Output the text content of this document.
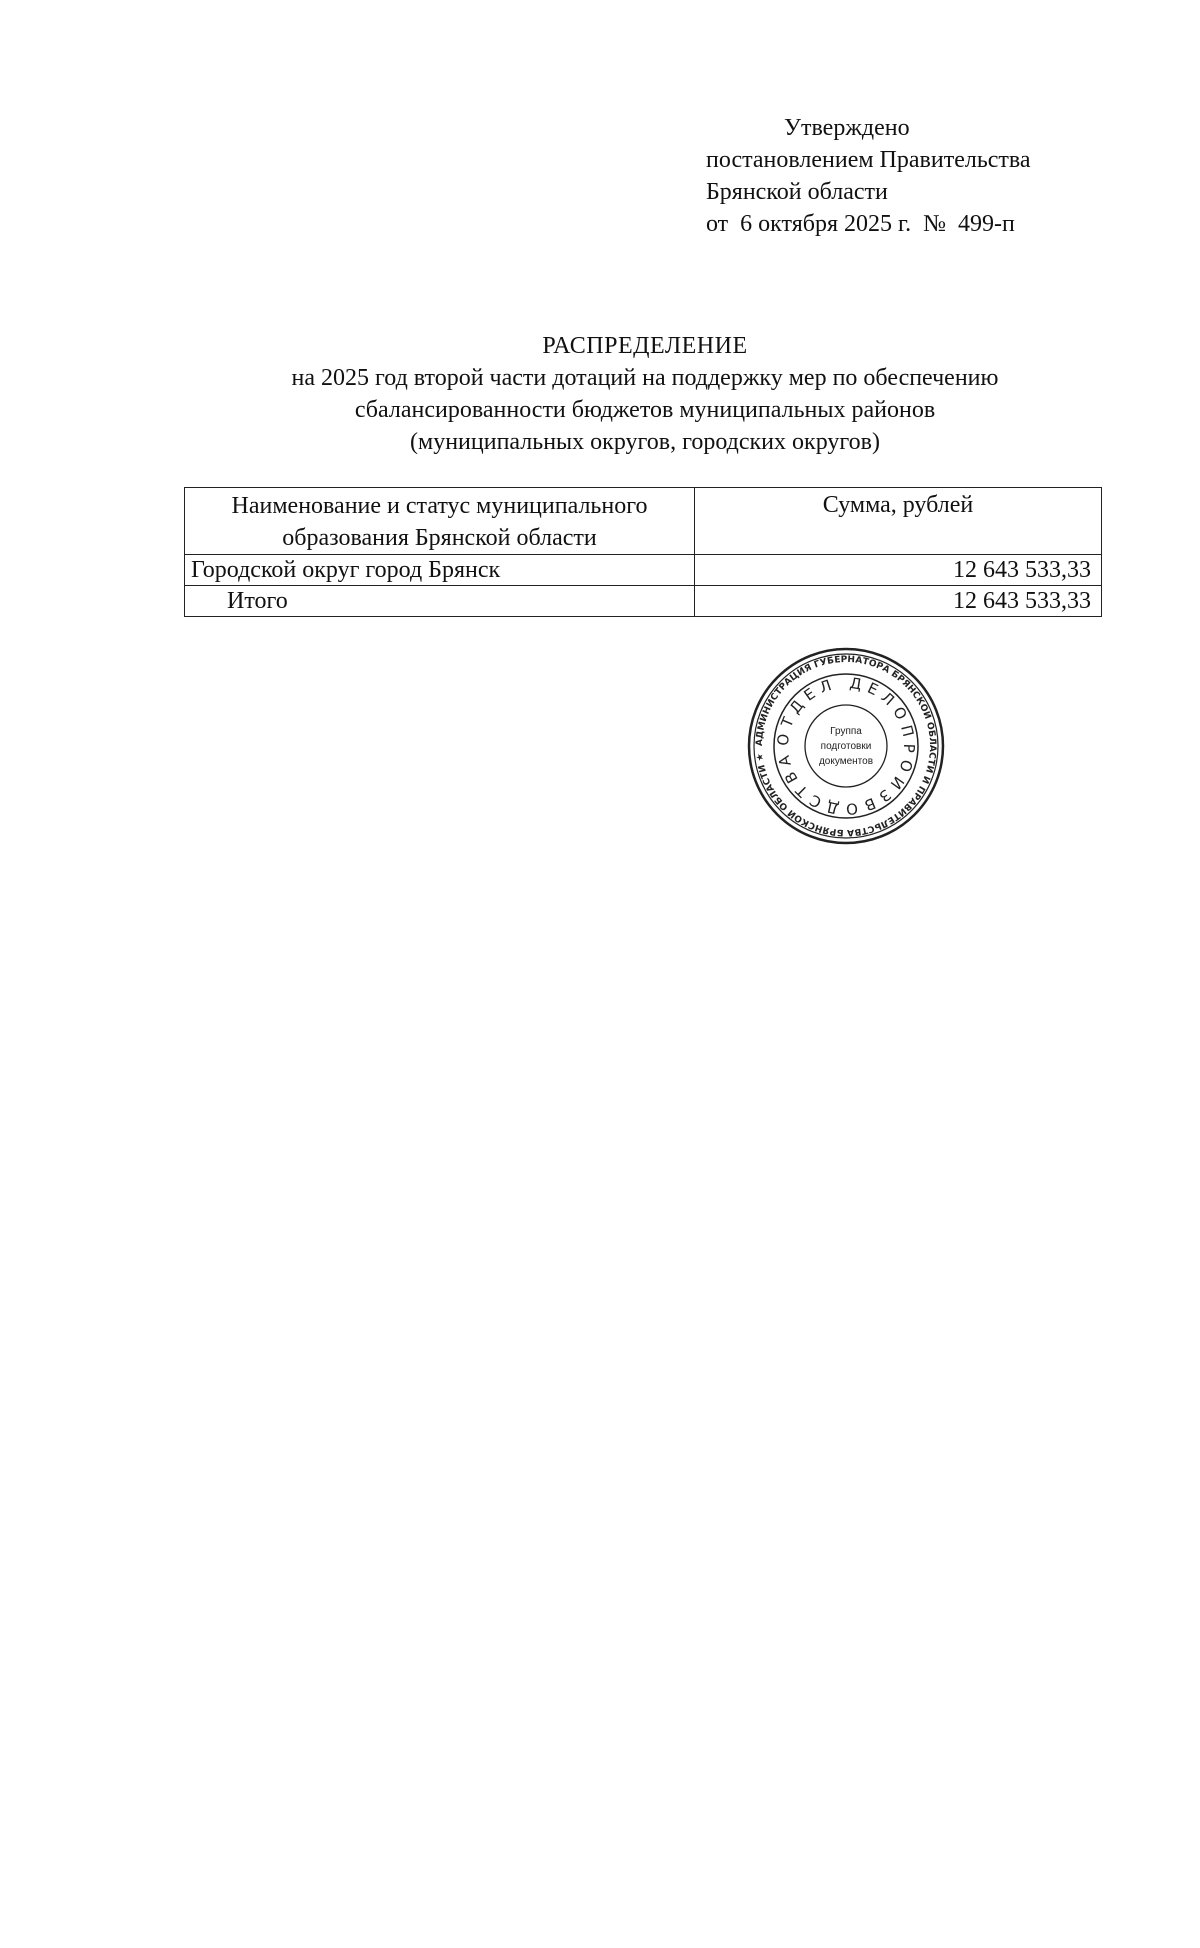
Утверждено
постановлением Правительства
Брянской области
от  6 октября 2025 г.  №  499-п
РАСПРЕДЕЛЕНИЕ
на 2025 год второй части дотаций на поддержку мер по обеспечению
сбалансированности бюджетов муниципальных районов
(муниципальных округов, городских округов)
Наименование и статус муниципального
образования Брянской области	Сумма, рублей
Городской округ город Брянск	12 643 533,33
Итого	12 643 533,33
АДМИНИСТРАЦИЯ ГУБЕРНАТОРА БРЯНСКОЙ ОБЛАСТИ И ПРАВИТЕЛЬСТВА БРЯНСКОЙ ОБЛАСТИ ★
ОТДЕЛ ДЕЛОПРОИЗВОДСТВА
Группа
подготовки
документов
